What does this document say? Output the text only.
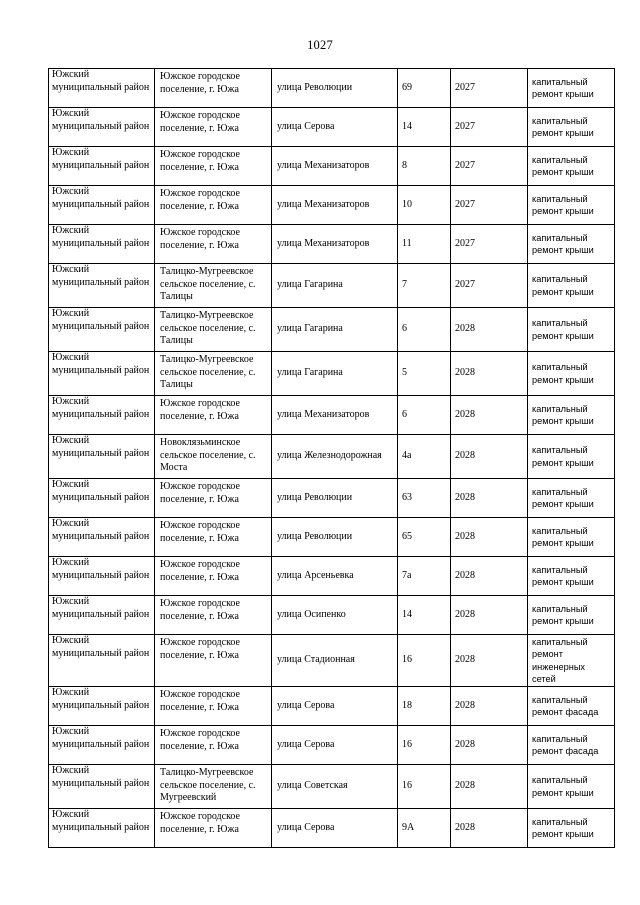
1027
Южский муниципальный район	Южское городское поселение, г. Южа	улица Революции	69	2027	капитальный ремонт крыши
Южский муниципальный район	Южское городское поселение, г. Южа	улица Серова	14	2027	капитальный ремонт крыши
Южский муниципальный район	Южское городское поселение, г. Южа	улица Механизаторов	8	2027	капитальный ремонт крыши
Южский муниципальный район	Южское городское поселение, г. Южа	улица Механизаторов	10	2027	капитальный ремонт крыши
Южский муниципальный район	Южское городское поселение, г. Южа	улица Механизаторов	11	2027	капитальный ремонт крыши
Южский муниципальный район	Талицко-Мугреевское сельское поселение, с. Талицы	улица Гагарина	7	2027	капитальный ремонт крыши
Южский муниципальный район	Талицко-Мугреевское сельское поселение, с. Талицы	улица Гагарина	6	2028	капитальный ремонт крыши
Южский муниципальный район	Талицко-Мугреевское сельское поселение, с. Талицы	улица Гагарина	5	2028	капитальный ремонт крыши
Южский муниципальный район	Южское городское поселение, г. Южа	улица Механизаторов	6	2028	капитальный ремонт крыши
Южский муниципальный район	Новоклязьминское сельское поселение, с. Моста	улица Железнодорожная	4а	2028	капитальный ремонт крыши
Южский муниципальный район	Южское городское поселение, г. Южа	улица Революции	63	2028	капитальный ремонт крыши
Южский муниципальный район	Южское городское поселение, г. Южа	улица Революции	65	2028	капитальный ремонт крыши
Южский муниципальный район	Южское городское поселение, г. Южа	улица Арсеньевка	7а	2028	капитальный ремонт крыши
Южский муниципальный район	Южское городское поселение, г. Южа	улица Осипенко	14	2028	капитальный ремонт крыши
Южский муниципальный район	Южское городское поселение, г. Южа	улица Стадионная	16	2028	капитальный ремонт инженерных сетей
Южский муниципальный район	Южское городское поселение, г. Южа	улица Серова	18	2028	капитальный ремонт фасада
Южский муниципальный район	Южское городское поселение, г. Южа	улица Серова	16	2028	капитальный ремонт фасада
Южский муниципальный район	Талицко-Мугреевское сельское поселение, с. Мугреевский	улица Советская	16	2028	капитальный ремонт крыши
Южский муниципальный район	Южское городское поселение, г. Южа	улица Серова	9А	2028	капитальный ремонт крыши
